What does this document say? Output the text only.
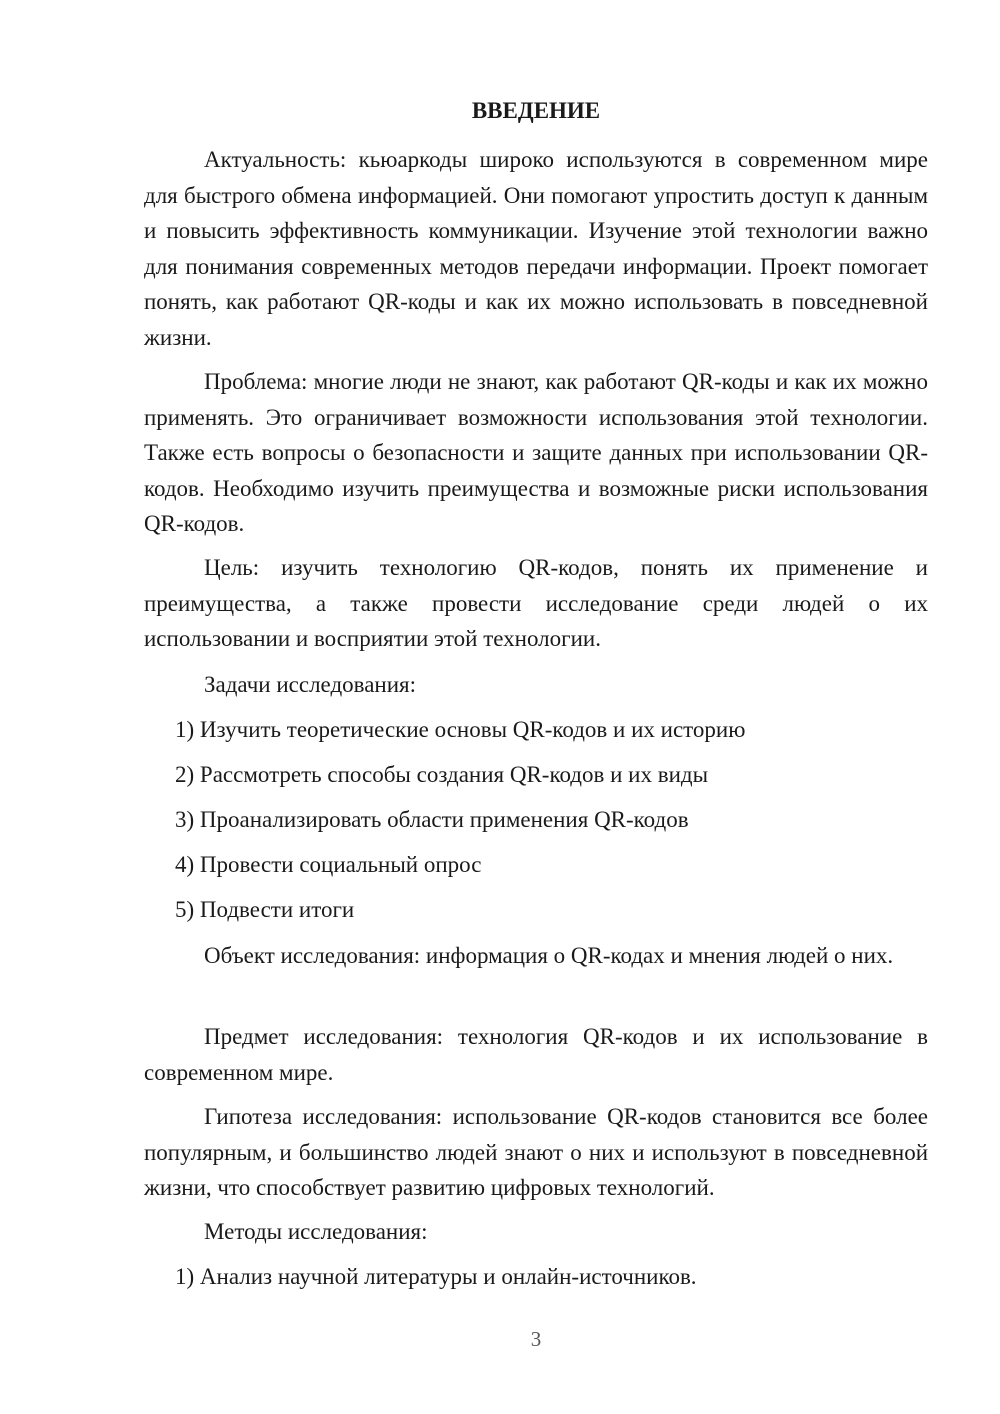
ВВЕДЕНИЕ

Актуальность: кьюаркоды широко используются в современном мире для быстрого обмена информацией. Они помогают упростить доступ к данным и повысить эффективность коммуникации. Изучение этой технологии важно для понимания современных методов передачи информации. Проект помогает понять, как работают QR-коды и как их можно использовать в повседневной жизни.

Проблема: многие люди не знают, как работают QR-коды и как их можно применять. Это ограничивает возможности использования этой технологии. Также есть вопросы о безопасности и защите данных при использовании QR-кодов. Необходимо изучить преимущества и возможные риски использования QR-кодов.

Цель: изучить технологию QR-кодов, понять их применение и преимущества, а также провести исследование среди людей о их использовании и восприятии этой технологии.

Задачи исследования:

1) Изучить теоретические основы QR-кодов и их историю

2) Рассмотреть способы создания QR-кодов и их виды

3) Проанализировать области применения QR-кодов

4) Провести социальный опрос

5) Подвести итоги

Объект исследования: информация о QR-кодах и мнения людей о них.

Предмет исследования: технология QR-кодов и их использование в современном мире.

Гипотеза исследования: использование QR-кодов становится все более популярным, и большинство людей знают о них и используют в повседневной жизни, что способствует развитию цифровых технологий.

Методы исследования:

1) Анализ научной литературы и онлайн-источников.

3
